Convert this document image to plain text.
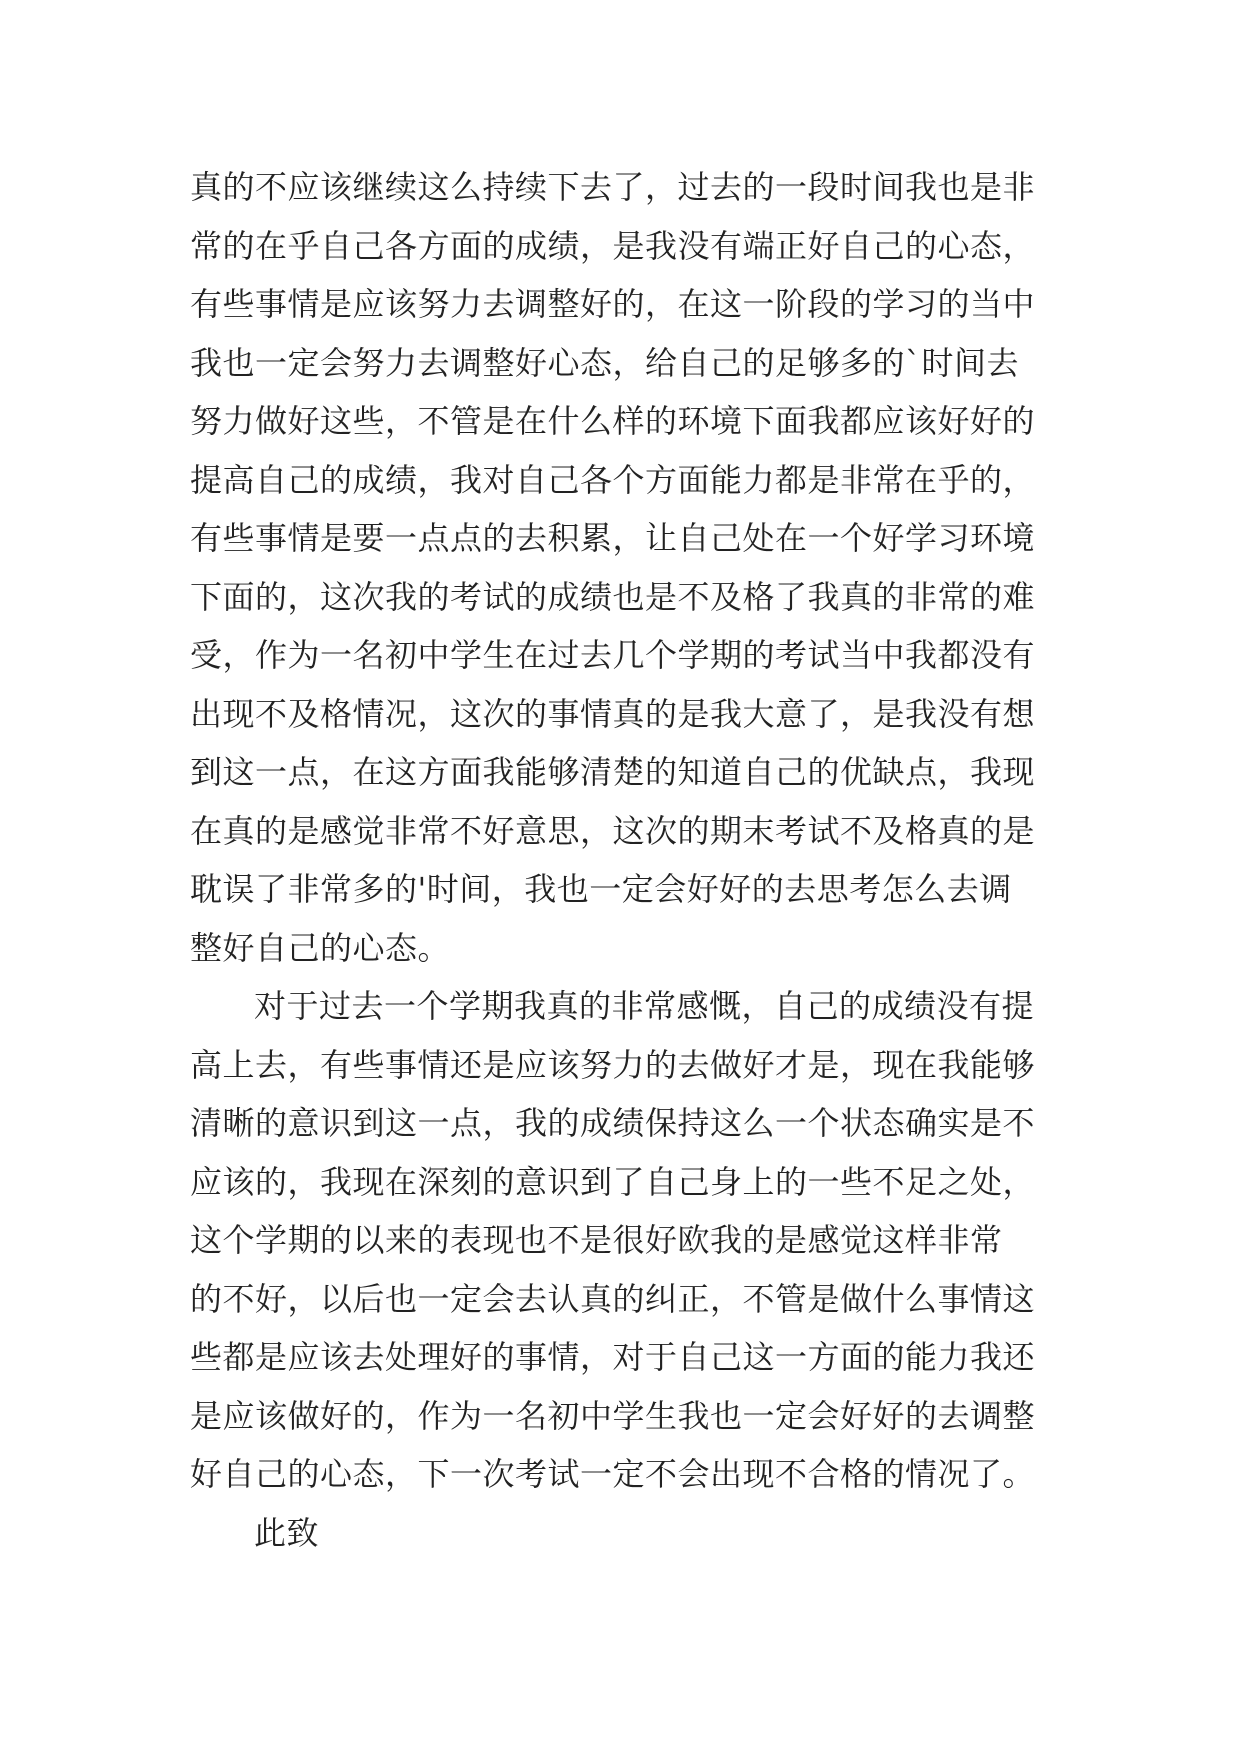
真的不应该继续这么持续下去了，过去的一段时间我也是非
常的在乎自己各方面的成绩，是我没有端正好自己的心态，
有些事情是应该努力去调整好的，在这一阶段的学习的当中
我也一定会努力去调整好心态，给自己的足够多的`时间去
努力做好这些，不管是在什么样的环境下面我都应该好好的
提高自己的成绩，我对自己各个方面能力都是非常在乎的，
有些事情是要一点点的去积累，让自己处在一个好学习环境
下面的，这次我的考试的成绩也是不及格了我真的非常的难
受，作为一名初中学生在过去几个学期的考试当中我都没有
出现不及格情况，这次的事情真的是我大意了，是我没有想
到这一点，在这方面我能够清楚的知道自己的优缺点，我现
在真的是感觉非常不好意思，这次的期末考试不及格真的是
耽误了非常多的'时间，我也一定会好好的去思考怎么去调
整好自己的心态。
对于过去一个学期我真的非常感慨，自己的成绩没有提
高上去，有些事情还是应该努力的去做好才是，现在我能够
清晰的意识到这一点，我的成绩保持这么一个状态确实是不
应该的，我现在深刻的意识到了自己身上的一些不足之处，
这个学期的以来的表现也不是很好欧我的是感觉这样非常
的不好，以后也一定会去认真的纠正，不管是做什么事情这
些都是应该去处理好的事情，对于自己这一方面的能力我还
是应该做好的，作为一名初中学生我也一定会好好的去调整
好自己的心态，下一次考试一定不会出现不合格的情况了。
此致
